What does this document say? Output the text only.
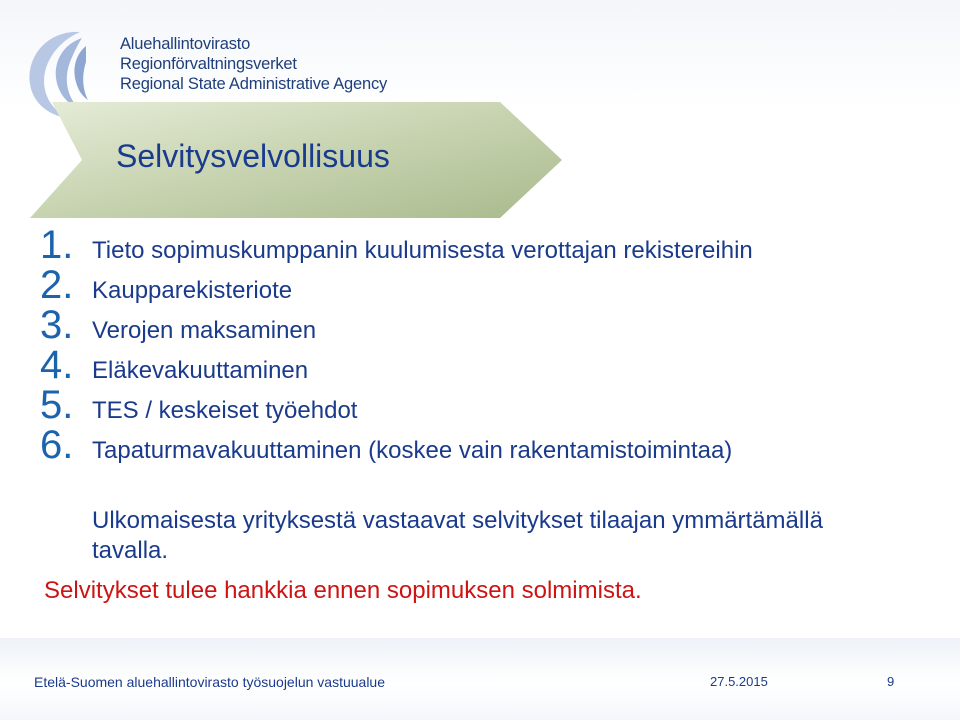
Aluehallintovirasto
Regionförvaltningsverket
Regional State Administrative Agency
Selvitysvelvollisuus
1. Tieto sopimuskumppanin kuulumisesta verottajan rekistereihin
2. Kaupparekisteriote
3. Verojen maksaminen
4. Eläkevakuuttaminen
5. TES / keskeiset työehdot
6. Tapaturmavakuuttaminen (koskee vain rakentamistoimintaa)
Ulkomaisesta yrityksestä vastaavat selvitykset tilaajan ymmärtämällä tavalla.
Selvitykset tulee hankkia ennen sopimuksen solmimista.
Etelä-Suomen aluehallintovirasto työsuojelun vastuualue	27.5.2015	9
